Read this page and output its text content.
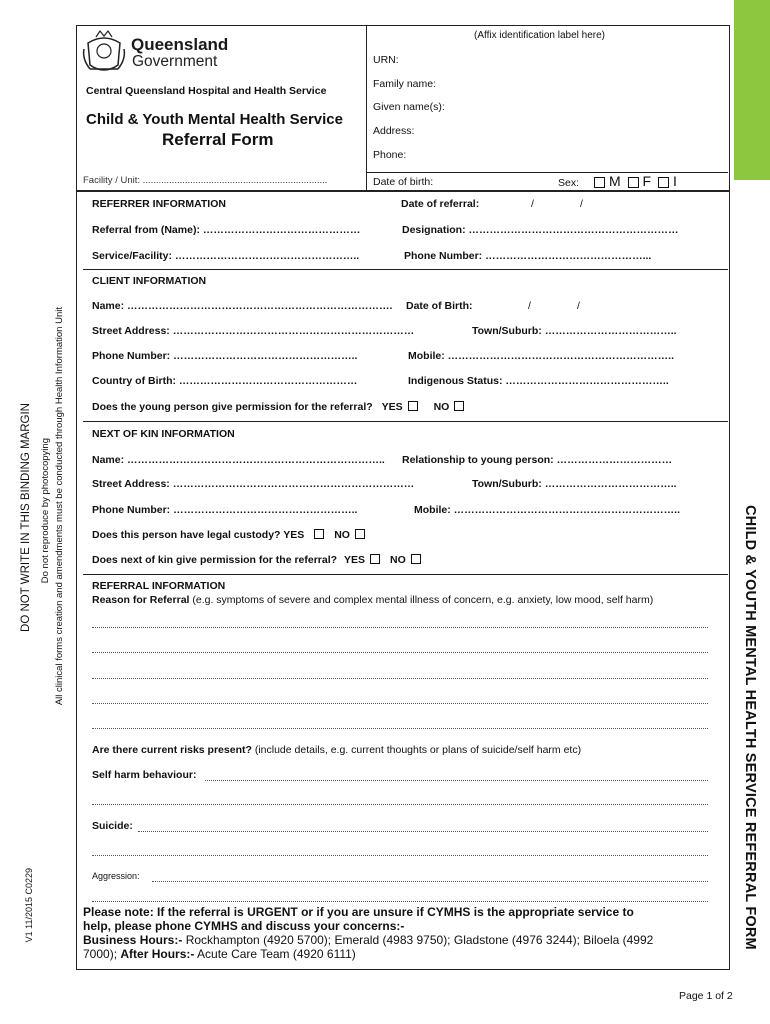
CHILD & YOUTH MENTAL HEALTH SERVICE REFERRAL FORM
DO NOT WRITE IN THIS BINDING MARGIN Do not reproduce by photocopying All clinical forms creation and amendments must be conducted through Health Information Unit
V1 11/2015 C0229
Queensland
Government
Central Queensland Hospital and Health Service
Child & Youth Mental Health Service
Referral Form
Facility / Unit: ......................................................................
(Affix identification label here)
URN:
Family name:
Given name(s):
Address:
Phone:
Date of birth:	Sex: M F I
REFERRER INFORMATION	Date of referral:	/	/
Referral from (Name): ………………………………………	Designation: ……………………………………………………
Service/Facility: ……………………………………………..	Phone Number: ………………………………………...
CLIENT INFORMATION
Name: …………………………………………………………………. Date of Birth:	/	/
Street Address: ……………………………………………………………	Town/Suburb: ………………………………..
Phone Number: ……………………………………………..	Mobile: ………………………………………………………..
Country of Birth: ……………………………………………	Indigenous Status: ………………………………………..
Does the young person give permission for the referral? YES	NO
NEXT OF KIN INFORMATION
Name: ……………………………………………………………….. Relationship to young person: ……………………………
Street Address: ……………………………………………………………	Town/Suburb: ………………………………..
Phone Number: ……………………………………………..	Mobile: ………………………………………………………..
Does this person have legal custody? YES	NO
Does next of kin give permission for the referral? YES NO
REFERRAL INFORMATION
Reason for Referral (e.g. symptoms of severe and complex mental illness of concern, e.g. anxiety, low mood, self harm)
Are there current risks present? (include details, e.g. current thoughts or plans of suicide/self harm etc)
Self harm behaviour:
Suicide:
Aggression:
Please note: If the referral is URGENT or if you are unsure if CYMHS is the appropriate service to
help, please phone CYMHS and discuss your concerns:-
Business Hours:- Rockhampton (4920 5700); Emerald (4983 9750); Gladstone (4976 3244); Biloela (4992
7000); After Hours:- Acute Care Team (4920 6111)
Page 1 of 2
